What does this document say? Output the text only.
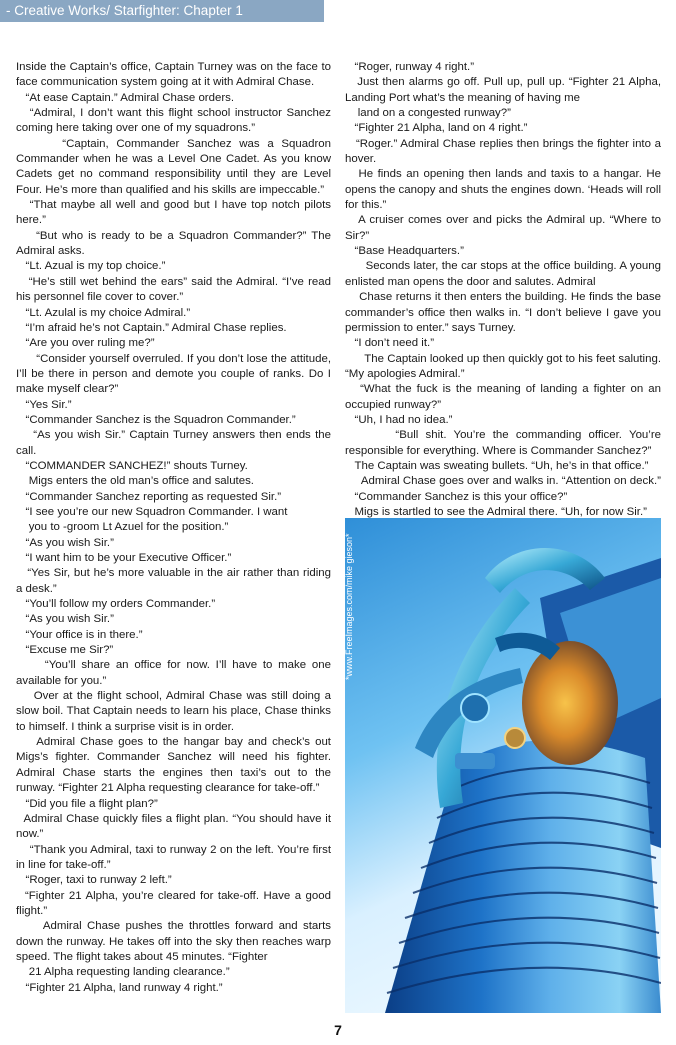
- Creative Works/ Starfighter: Chapter 1

Inside the Captain’s office, Captain Turney was on the face to face communication system going at it with Admiral Chase.

“At ease Captain.” Admiral Chase orders.

“Admiral, I don’t want this flight school instructor Sanchez coming here taking over one of my squadrons.”

“Captain, Commander Sanchez was a Squadron Commander when he was a Level One Cadet. As you know Cadets get no command responsibility until they are Level Four. He’s more than qualified and his skills are impeccable.”

“That maybe all well and good but I have top notch pilots here.”

“But who is ready to be a Squadron Commander?” The Admiral asks.

“Lt. Azual is my top choice.”

“He’s still wet behind the ears” said the Admiral. “I’ve read his personnel file cover to cover.”

“Lt. Azulal is my choice Admiral.”

“I’m afraid he’s not Captain.” Admiral Chase replies.

“Are you over ruling me?”

“Consider yourself overruled. If you don’t lose the attitude, I’ll be there in person and demote you couple of ranks. Do I make myself clear?”

“Yes Sir.”

“Commander Sanchez is the Squadron Commander.”

“As you wish Sir.” Captain Turney answers then ends the call.

“COMMANDER SANCHEZ!” shouts Turney.

Migs enters the old man’s office and salutes.

“Commander Sanchez reporting as requested Sir.”

“I see you’re our new Squadron Commander. I want

you to -groom Lt Azuel for the position.”

“As you wish Sir.”

“I want him to be your Executive Officer.”

“Yes Sir, but he’s more valuable in the air rather than riding a desk.”

“You’ll follow my orders Commander.”

“As you wish Sir.”

“Your office is in there.”

“Excuse me Sir?”

“You’ll share an office for now. I’ll have to make one available for you.”

Over at the flight school, Admiral Chase was still doing a slow boil. That Captain needs to learn his place, Chase thinks to himself. I think a surprise visit is in order.

Admiral Chase goes to the hangar bay and check’s out Migs’s fighter. Commander Sanchez will need his fighter. Admiral Chase starts the engines then taxi’s out to the runway. “Fighter 21 Alpha requesting clearance for take-off.”

“Did you file a flight plan?”

Admiral Chase quickly files a flight plan. “You should have it now.”

“Thank you Admiral, taxi to runway 2 on the left. You’re first in line for take-off.”

“Roger, taxi to runway 2 left.”

“Fighter 21 Alpha, you’re cleared for take-off. Have a good flight.”

Admiral Chase pushes the throttles forward and starts down the runway. He takes off into the sky then reaches warp speed. The flight takes about 45 minutes. “Fighter

21 Alpha requesting landing clearance.”

“Fighter 21 Alpha, land runway 4 right.”

“Roger, runway 4 right.”

Just then alarms go off. Pull up, pull up. “Fighter 21 Alpha, Landing Port what’s the meaning of having me

land on a congested runway?”

“Fighter 21 Alpha, land on 4 right.”

“Roger.” Admiral Chase replies then brings the fighter into a hover.

He finds an opening then lands and taxis to a hangar. He opens the canopy and shuts the engines down. ‘Heads will roll for this.”

A cruiser comes over and picks the Admiral up. “Where to Sir?”

“Base Headquarters.”

Seconds later, the car stops at the office building. A young enlisted man opens the door and salutes. Admiral

Chase returns it then enters the building. He finds the base commander’s office then walks in. “I don’t believe I gave you permission to enter.” says Turney.

“I don’t need it.”

The Captain looked up then quickly got to his feet saluting. “My apologies Admiral.”

“What the fuck is the meaning of landing a fighter on an occupied runway?”

“Uh, I had no idea.”

“Bull shit. You’re the commanding officer. You’re responsible for everything. Where is Commander Sanchez?”

The Captain was sweating bullets. “Uh, he’s in that office.”

Admiral Chase goes over and walks in. “Attention on deck.”

“Commander Sanchez is this your office?”

Migs is startled to see the Admiral there. “Uh, for now Sir.”

*www.FreeImages.com/mike gieson*
7
